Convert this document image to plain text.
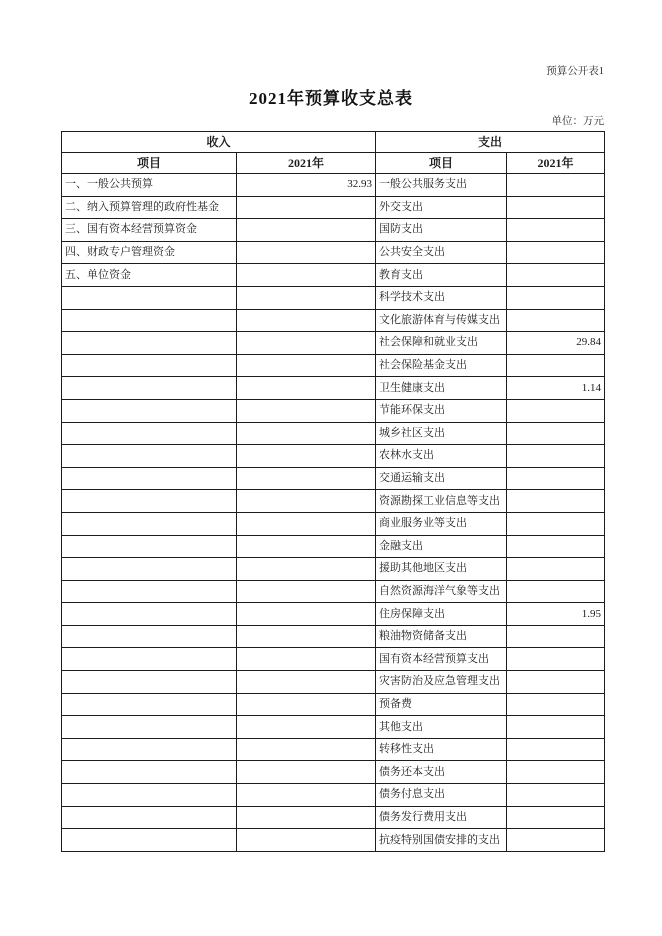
预算公开表1
2021年预算收支总表
单位：万元
收入		支出	
项目	2021年	项目	2021年
一、一般公共预算	32.93	一般公共服务支出	
二、纳入预算管理的政府性基金		外交支出	
三、国有资本经营预算资金		国防支出	
四、财政专户管理资金		公共安全支出	
五、单位资金		教育支出	
		科学技术支出	
		文化旅游体育与传媒支出	
		社会保障和就业支出	29.84
		社会保险基金支出	
		卫生健康支出	1.14
		节能环保支出	
		城乡社区支出	
		农林水支出	
		交通运输支出	
		资源勘探工业信息等支出	
		商业服务业等支出	
		金融支出	
		援助其他地区支出	
		自然资源海洋气象等支出	
		住房保障支出	1.95
		粮油物资储备支出	
		国有资本经营预算支出	
		灾害防治及应急管理支出	
		预备费	
		其他支出	
		转移性支出	
		债务还本支出	
		债务付息支出	
		债务发行费用支出	
		抗疫特别国债安排的支出	
